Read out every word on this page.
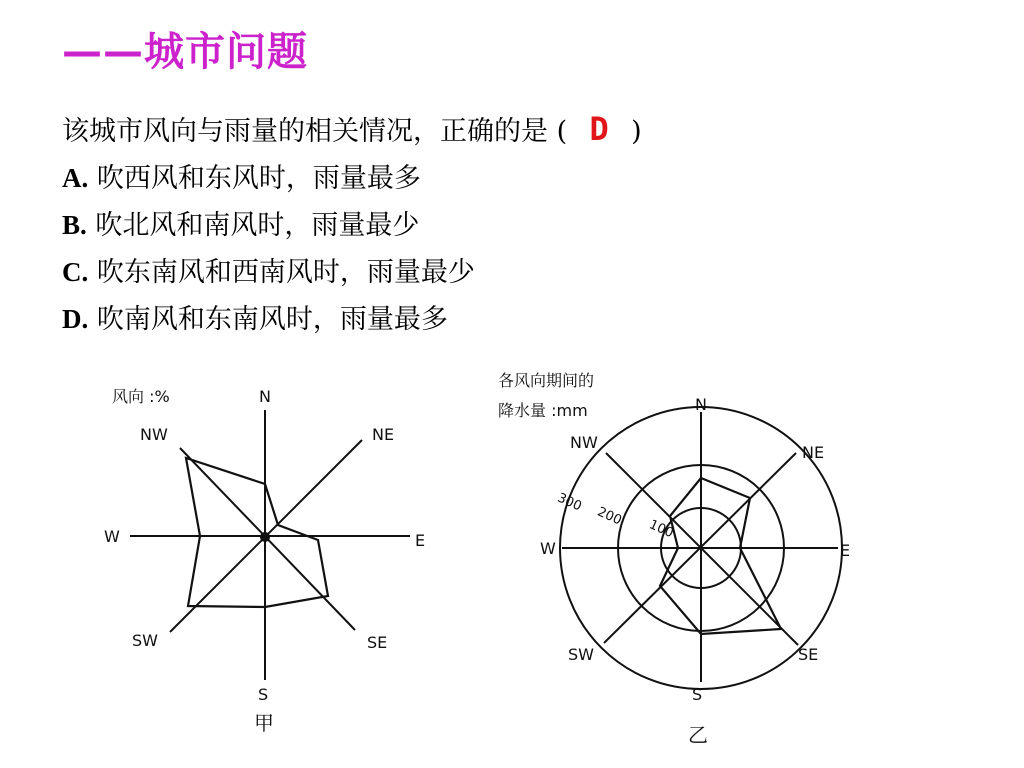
——城市问题
该城市风向与雨量的相关情况，正确的是 ( D )
A. 吹西风和东风时，雨量最多
B. 吹北风和南风时，雨量最少
C. 吹东南风和西南风时，雨量最少
D. 吹南风和东南风时，雨量最多
风向 :%	N
NE
E
SE
S
SW
W
NW
甲
各风向期间的
降水量 :mm
300
200
100
N
NE
E
SE
S
SW
W
NW
乙
